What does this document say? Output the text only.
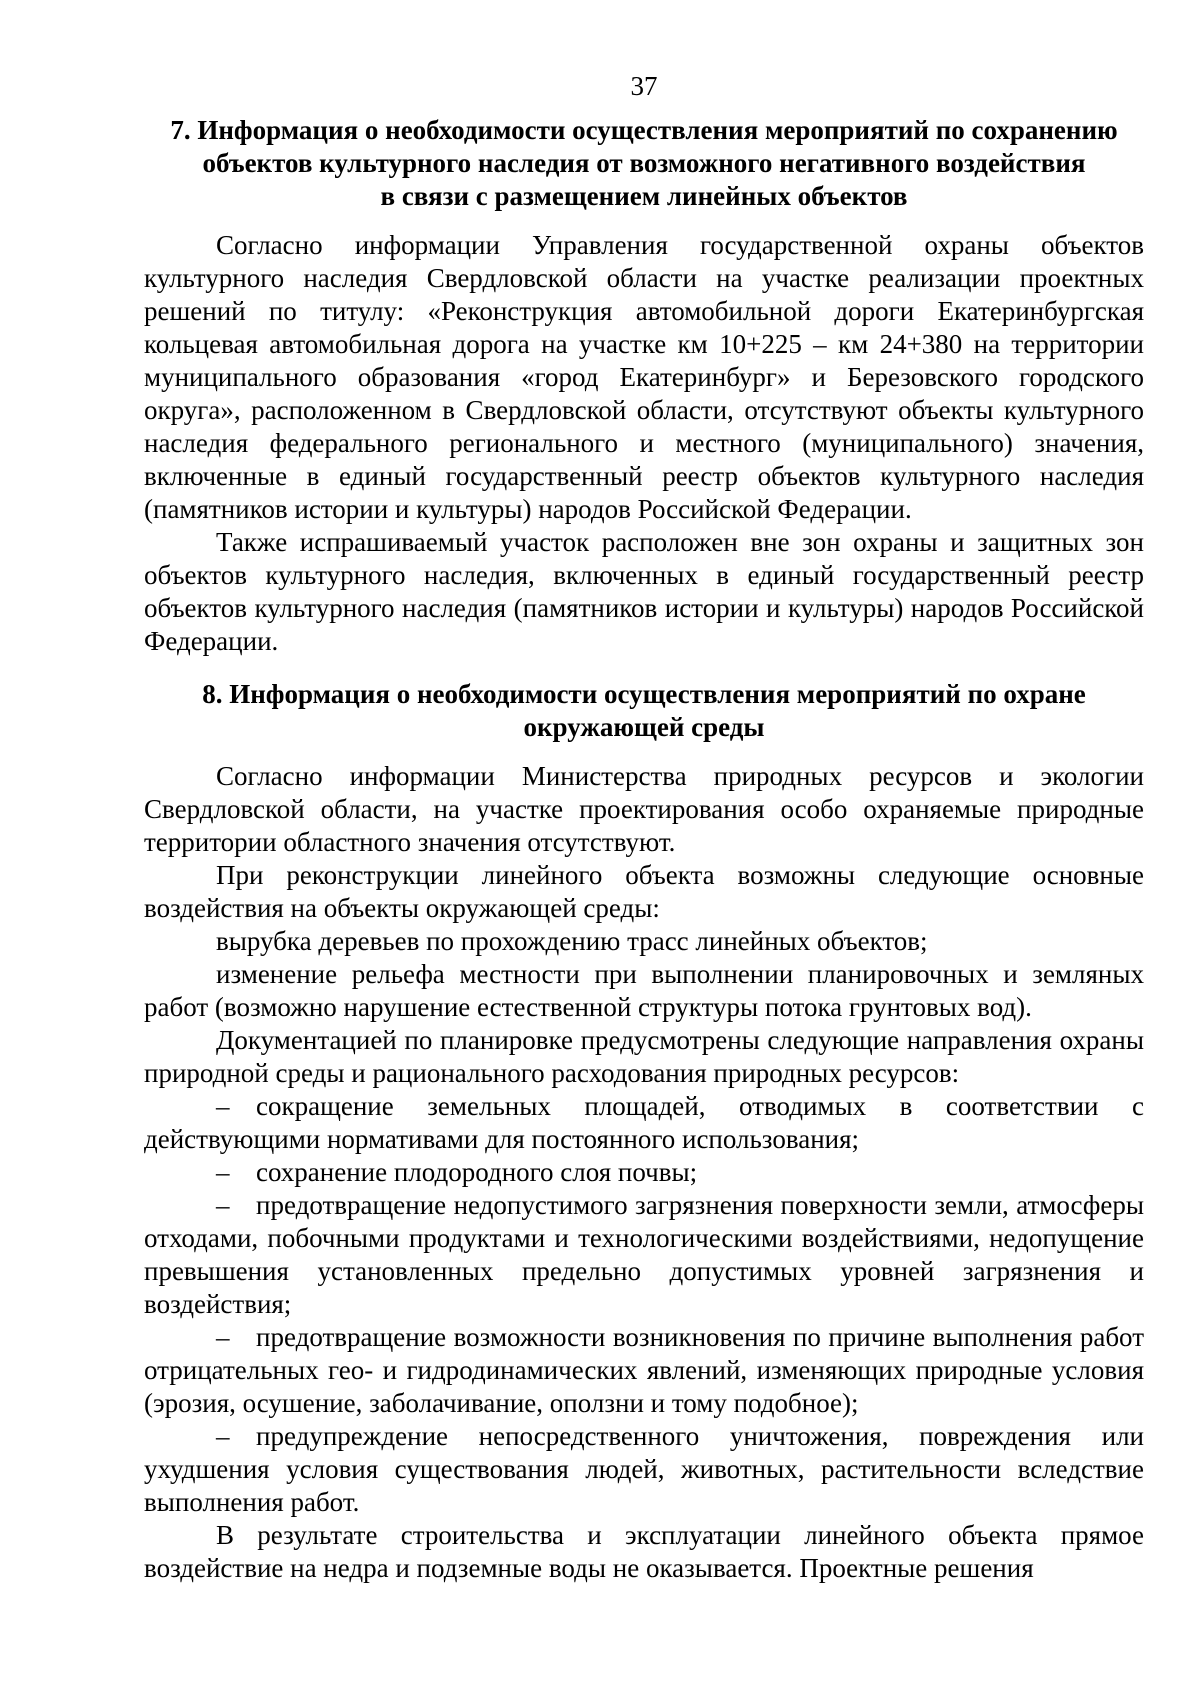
37
7. Информация о необходимости осуществления мероприятий по сохранению
объектов культурного наследия от возможного негативного воздействия
в связи с размещением линейных объектов

Согласно информации Управления государственной охраны объектов культурного наследия Свердловской области на участке реализации проектных решений по титулу: «Реконструкция автомобильной дороги Екатеринбургская кольцевая автомобильная дорога на участке км 10+225 – км 24+380 на территории муниципального образования «город Екатеринбург» и Березовского городского округа», расположенном в Свердловской области, отсутствуют объекты культурного наследия федерального регионального и местного (муниципального) значения, включенные в единый государственный реестр объектов культурного наследия (памятников истории и культуры) народов Российской Федерации.

Также испрашиваемый участок расположен вне зон охраны и защитных зон объектов культурного наследия, включенных в единый государственный реестр объектов культурного наследия (памятников истории и культуры) народов Российской Федерации.

8. Информация о необходимости осуществления мероприятий по охране
окружающей среды

Согласно информации Министерства природных ресурсов и экологии Свердловской области, на участке проектирования особо охраняемые природные территории областного значения отсутствуют.

При реконструкции линейного объекта возможны следующие основные воздействия на объекты окружающей среды:

вырубка деревьев по прохождению трасс линейных объектов;

изменение рельефа местности при выполнении планировочных и земляных работ (возможно нарушение естественной структуры потока грунтовых вод).

Документацией по планировке предусмотрены следующие направления охраны природной среды и рационального расходования природных ресурсов:

– сокращение земельных площадей, отводимых в соответствии с действующими нормативами для постоянного использования;

– сохранение плодородного слоя почвы;

– предотвращение недопустимого загрязнения поверхности земли, атмосферы отходами, побочными продуктами и технологическими воздействиями, недопущение превышения установленных предельно допустимых уровней загрязнения и воздействия;

– предотвращение возможности возникновения по причине выполнения работ отрицательных гео- и гидродинамических явлений, изменяющих природные условия (эрозия, осушение, заболачивание, оползни и тому подобное);

– предупреждение непосредственного уничтожения, повреждения или ухудшения условия существования людей, животных, растительности вследствие выполнения работ.

В результате строительства и эксплуатации линейного объекта прямое воздействие на недра и подземные воды не оказывается. Проектные решения
